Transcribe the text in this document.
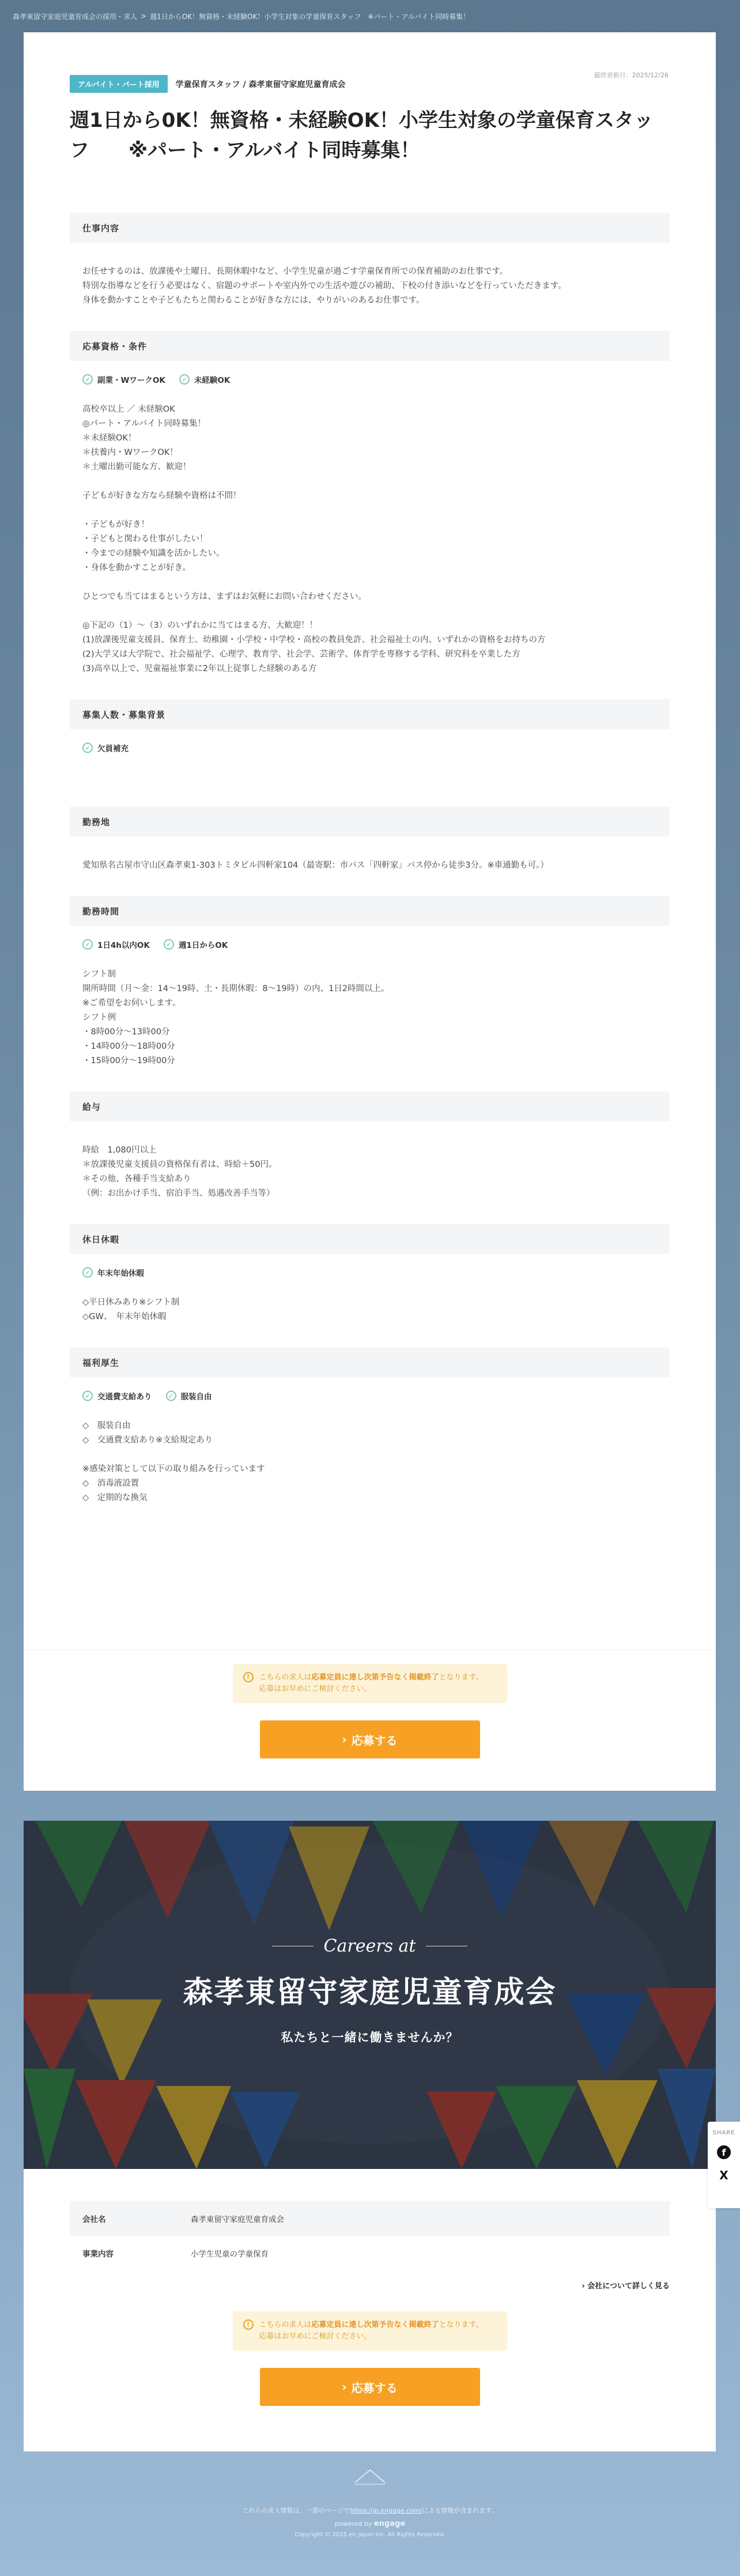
森孝東留守家庭児童育成会の採用・求人 > 週1日からOK！無資格・未経験OK！小学生対象の学童保育スタッフ　※パート・アルバイト同時募集！
最終更新日：2025/12/26
アルバイト・パート採用	学童保育スタッフ / 森孝東留守家庭児童育成会
週1日から0K！無資格・未経験OK！小学生対象の学童保育スタッフ　　※パート・アルバイト同時募集！
仕事内容
お任せするのは、放課後や土曜日、長期休暇中など、小学生児童が過ごす学童保育所での保育補助のお仕事です。
特別な指導などを行う必要はなく、宿題のサポートや室内外での生活や遊びの補助、下校の付き添いなどを行っていただきます。
身体を動かすことや子どもたちと関わることが好きな方には、やりがいのあるお仕事です。
応募資格・条件
✓ 副業・WワークOK	✓ 未経験OK
高校卒以上 ／ 未経験OK
◎パート・アルバイト同時募集！
＊未経験OK！
＊扶養内・WワークOK！
＊土曜出勤可能な方、歓迎！

子どもが好きな方なら経験や資格は不問！

・子どもが好き！
・子どもと関わる仕事がしたい！
・今までの経験や知識を活かしたい。
・身体を動かすことが好き。

ひとつでも当てはまるという方は、まずはお気軽にお問い合わせください。

◎下記の（1）～（3）のいずれかに当てはまる方、大歓迎！！
(1)放課後児童支援員、保育士、幼稚園・小学校・中学校・高校の教員免許、社会福祉士の内、いずれかの資格をお持ちの方
(2)大学又は大学院で、社会福祉学、心理学、教育学、社会学、芸術学、体育学を専修する学科、研究科を卒業した方
(3)高卒以上で、児童福祉事業に2年以上従事した経験のある方
募集人数・募集背景
✓ 欠員補充
勤務地
愛知県名古屋市守山区森孝東1-303トミタビル四軒家104（最寄駅：市バス「四軒家」バス停から徒歩3分。※車通勤も可。）
勤務時間
✓ 1日4h以内OK	✓ 週1日からOK
シフト制
開所時間（月～金：14～19時、土・長期休暇：8～19時）の内、1日2時間以上。
※ご希望をお伺いします。
シフト例
・8時00分～13時00分
・14時00分～18時00分
・15時00分～19時00分
給与
時給　1,080円以上
＊放課後児童支援員の資格保有者は、時給＋50円。
＊その他、各種手当支給あり
（例：お出かけ手当、宿泊手当、処遇改善手当等）
休日休暇
✓ 年末年始休暇
◇平日休みあり※シフト制
◇GW、　年末年始休暇
福利厚生
✓ 交通費支給あり	✓ 服装自由
◇　服装自由
◇　交通費支給あり※支給規定あり

※感染対策として以下の取り組みを行っています
◇　消毒液設置
◇　定期的な換気
!	こちらの求人は応募定員に達し次第予告なく掲載終了となります。
応募はお早めにご検討ください。
› 応募する
Careers at
森孝東留守家庭児童育成会
私たちと一緒に働きませんか？
会社名	森孝東留守家庭児童育成会
事業内容	小学生児童の学童保育
› 会社について詳しく見る
!	こちらの求人は応募定員に達し次第予告なく掲載終了となります。
応募はお早めにご検討ください。
› 応募する
SHARE
f
X
これらの求人情報は、一部のページでhttps://jp.engage.com/による情報が含まれます。
powered by engage
Copyright © 2025 en japan inc. All Rights Reserved.
